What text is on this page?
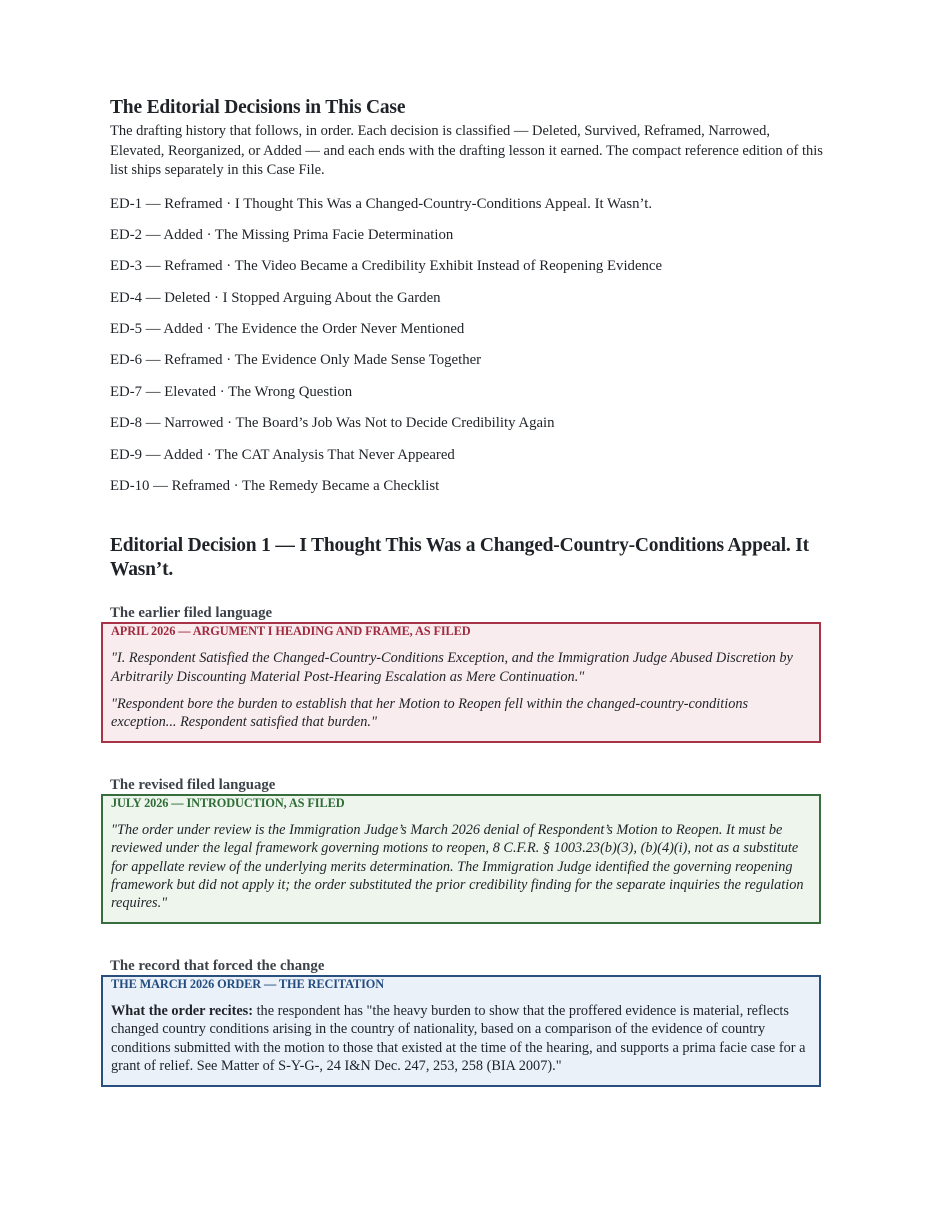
The Editorial Decisions in This Case

The drafting history that follows, in order. Each decision is classified — Deleted, Survived, Reframed, Narrowed, Elevated, Reorganized, or Added — and each ends with the drafting lesson it earned. The compact reference edition of this list ships separately in this Case File.

ED-1 — Reframed · I Thought This Was a Changed-Country-Conditions Appeal. It Wasn’t.
ED-2 — Added · The Missing Prima Facie Determination
ED-3 — Reframed · The Video Became a Credibility Exhibit Instead of Reopening Evidence
ED-4 — Deleted · I Stopped Arguing About the Garden
ED-5 — Added · The Evidence the Order Never Mentioned
ED-6 — Reframed · The Evidence Only Made Sense Together
ED-7 — Elevated · The Wrong Question
ED-8 — Narrowed · The Board’s Job Was Not to Decide Credibility Again
ED-9 — Added · The CAT Analysis That Never Appeared
ED-10 — Reframed · The Remedy Became a Checklist
Editorial Decision 1 — I Thought This Was a Changed-Country-Conditions Appeal. It Wasn’t.

The earlier filed language

APRIL 2026 — ARGUMENT I HEADING AND FRAME, AS FILED

"I. Respondent Satisfied the Changed-Country-Conditions Exception, and the Immigration Judge Abused Discretion by Arbitrarily Discounting Material Post-Hearing Escalation as Mere Continuation."

"Respondent bore the burden to establish that her Motion to Reopen fell within the changed-country-conditions exception... Respondent satisfied that burden."

The revised filed language

JULY 2026 — INTRODUCTION, AS FILED

"The order under review is the Immigration Judge’s March 2026 denial of Respondent’s Motion to Reopen. It must be reviewed under the legal framework governing motions to reopen, 8 C.F.R. § 1003.23(b)(3), (b)(4)(i), not as a substitute for appellate review of the underlying merits determination. The Immigration Judge identified the governing reopening framework but did not apply it; the order substituted the prior credibility finding for the separate inquiries the regulation requires."

The record that forced the change

THE MARCH 2026 ORDER — THE RECITATION

What the order recites: the respondent has "the heavy burden to show that the proffered evidence is material, reflects changed country conditions arising in the country of nationality, based on a comparison of the evidence of country conditions submitted with the motion to those that existed at the time of the hearing, and supports a prima facie case for a grant of relief. See Matter of S-Y-G-, 24 I&N Dec. 247, 253, 258 (BIA 2007)."
